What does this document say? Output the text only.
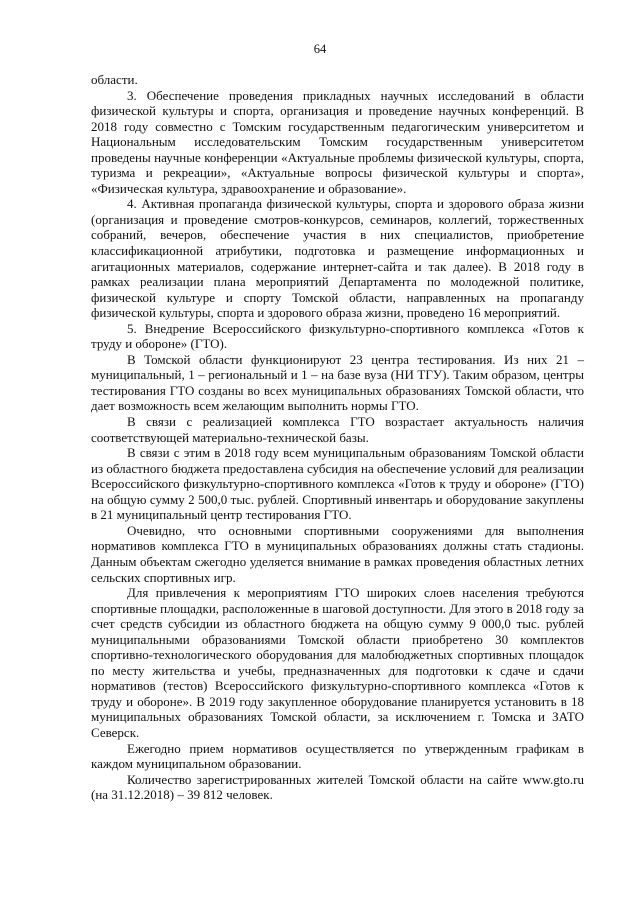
64

области.

3. Обеспечение проведения прикладных научных исследований в области физической культуры и спорта, организация и проведение научных конференций. В 2018 году совместно с Томским государственным педагогическим университетом и Национальным исследовательским Томским государственным университетом проведены научные конференции «Актуальные проблемы физической культуры, спорта, туризма и рекреации», «Актуальные вопросы физической культуры и спорта», «Физическая культура, здравоохранение и образование».

4. Активная пропаганда физической культуры, спорта и здорового образа жизни (организация и проведение смотров-конкурсов, семинаров, коллегий, торжественных собраний, вечеров, обеспечение участия в них специалистов, приобретение классификационной атрибутики, подготовка и размещение информационных и агитационных материалов, содержание интернет-сайта и так далее). В 2018 году в рамках реализации плана мероприятий Департамента по молодежной политике, физической культуре и спорту Томской области, направленных на пропаганду физической культуры, спорта и здорового образа жизни, проведено 16 мероприятий.

5. Внедрение Всероссийского физкультурно-спортивного комплекса «Готов к труду и обороне» (ГТО).

В Томской области функционируют 23 центра тестирования. Из них 21 – муниципальный, 1 – региональный и 1 – на базе вуза (НИ ТГУ). Таким образом, центры тестирования ГТО созданы во всех муниципальных образованиях Томской области, что дает возможность всем желающим выполнить нормы ГТО.

В связи с реализацией комплекса ГТО возрастает актуальность наличия соответствующей материально-технической базы.

В связи с этим в 2018 году всем муниципальным образованиям Томской области из областного бюджета предоставлена субсидия на обеспечение условий для реализации Всероссийского физкультурно-спортивного комплекса «Готов к труду и обороне» (ГТО) на общую сумму 2 500,0 тыс. рублей. Спортивный инвентарь и оборудование закуплены в 21 муниципальный центр тестирования ГТО.

Очевидно, что основными спортивными сооружениями для выполнения нормативов комплекса ГТО в муниципальных образованиях должны стать стадионы. Данным объектам сжегодно уделяется внимание в рамках проведения областных летних сельских спортивных игр.

Для привлечения к мероприятиям ГТО широких слоев населения требуются спортивные площадки, расположенные в шаговой доступности. Для этого в 2018 году за счет средств субсидии из областного бюджета на общую сумму 9 000,0 тыс. рублей муниципальными образованиями Томской области приобретено 30 комплектов спортивно-технологического оборудования для малобюджетных спортивных площадок по месту жительства и учебы, предназначенных для подготовки к сдаче и сдачи нормативов (тестов) Всероссийского физкультурно-спортивного комплекса «Готов к труду и обороне». В 2019 году закупленное оборудование планируется установить в 18 муниципальных образованиях Томской области, за исключением г. Томска и ЗАТО Северск.

Ежегодно прием нормативов осуществляется по утвержденным графикам в каждом муниципальном образовании.

Количество зарегистрированных жителей Томской области на сайте www.gto.ru (на 31.12.2018) – 39 812 человек.
